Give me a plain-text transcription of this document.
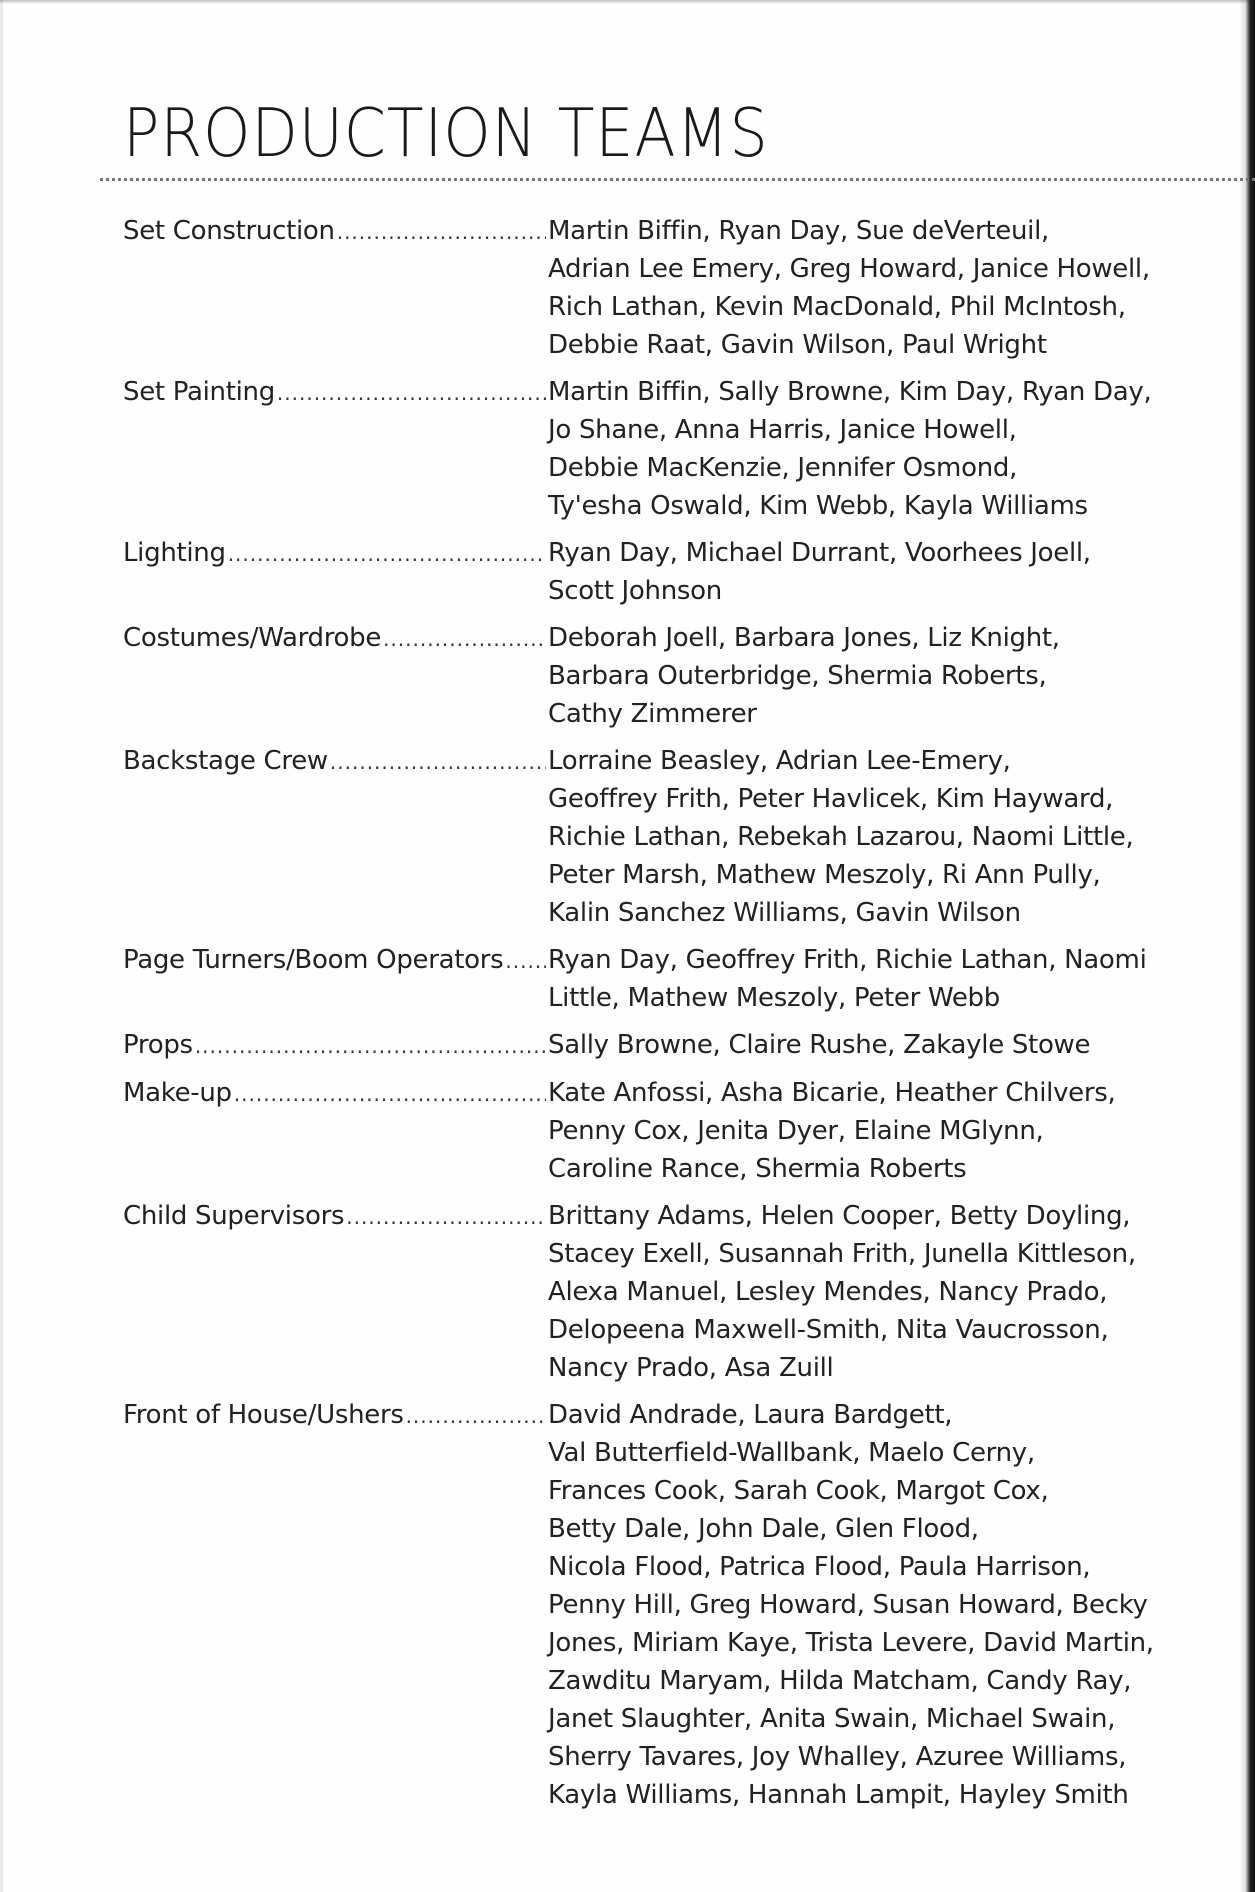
PRODUCTION TEAMS
Set Construction .....	Martin Biffin, Ryan Day, Sue deVerteuil,
Adrian Lee Emery, Greg Howard, Janice Howell,
Rich Lathan, Kevin MacDonald, Phil McIntosh,
Debbie Raat, Gavin Wilson, Paul Wright
Set Painting .....	Martin Biffin, Sally Browne, Kim Day, Ryan Day,
Jo Shane, Anna Harris, Janice Howell,
Debbie MacKenzie, Jennifer Osmond,
Ty'esha Oswald, Kim Webb, Kayla Williams
Lighting .....	Ryan Day, Michael Durrant, Voorhees Joell,
Scott Johnson
Costumes/Wardrobe .....	Deborah Joell, Barbara Jones, Liz Knight,
Barbara Outerbridge, Shermia Roberts,
Cathy Zimmerer
Backstage Crew .....	Lorraine Beasley, Adrian Lee-Emery,
Geoffrey Frith, Peter Havlicek, Kim Hayward,
Richie Lathan, Rebekah Lazarou, Naomi Little,
Peter Marsh, Mathew Meszoly, Ri Ann Pully,
Kalin Sanchez Williams, Gavin Wilson
Page Turners/Boom Operators ..... Ryan Day, Geoffrey Frith, Richie Lathan, Naomi
Little, Mathew Meszoly, Peter Webb
Props .....	Sally Browne, Claire Rushe, Zakayle Stowe
Make-up .....	Kate Anfossi, Asha Bicarie, Heather Chilvers,
Penny Cox, Jenita Dyer, Elaine MGlynn,
Caroline Rance, Shermia Roberts
Child Supervisors .....	Brittany Adams, Helen Cooper, Betty Doyling,
Stacey Exell, Susannah Frith, Junella Kittleson,
Alexa Manuel, Lesley Mendes, Nancy Prado,
Delopeena Maxwell-Smith, Nita Vaucrosson,
Nancy Prado, Asa Zuill
Front of House/Ushers .....	David Andrade, Laura Bardgett,
Val Butterfield-Wallbank, Maelo Cerny,
Frances Cook, Sarah Cook, Margot Cox,
Betty Dale, John Dale, Glen Flood,
Nicola Flood, Patrica Flood, Paula Harrison,
Penny Hill, Greg Howard, Susan Howard, Becky
Jones, Miriam Kaye, Trista Levere, David Martin,
Zawditu Maryam, Hilda Matcham, Candy Ray,
Janet Slaughter, Anita Swain, Michael Swain,
Sherry Tavares, Joy Whalley, Azuree Williams,
Kayla Williams, Hannah Lampit, Hayley Smith
